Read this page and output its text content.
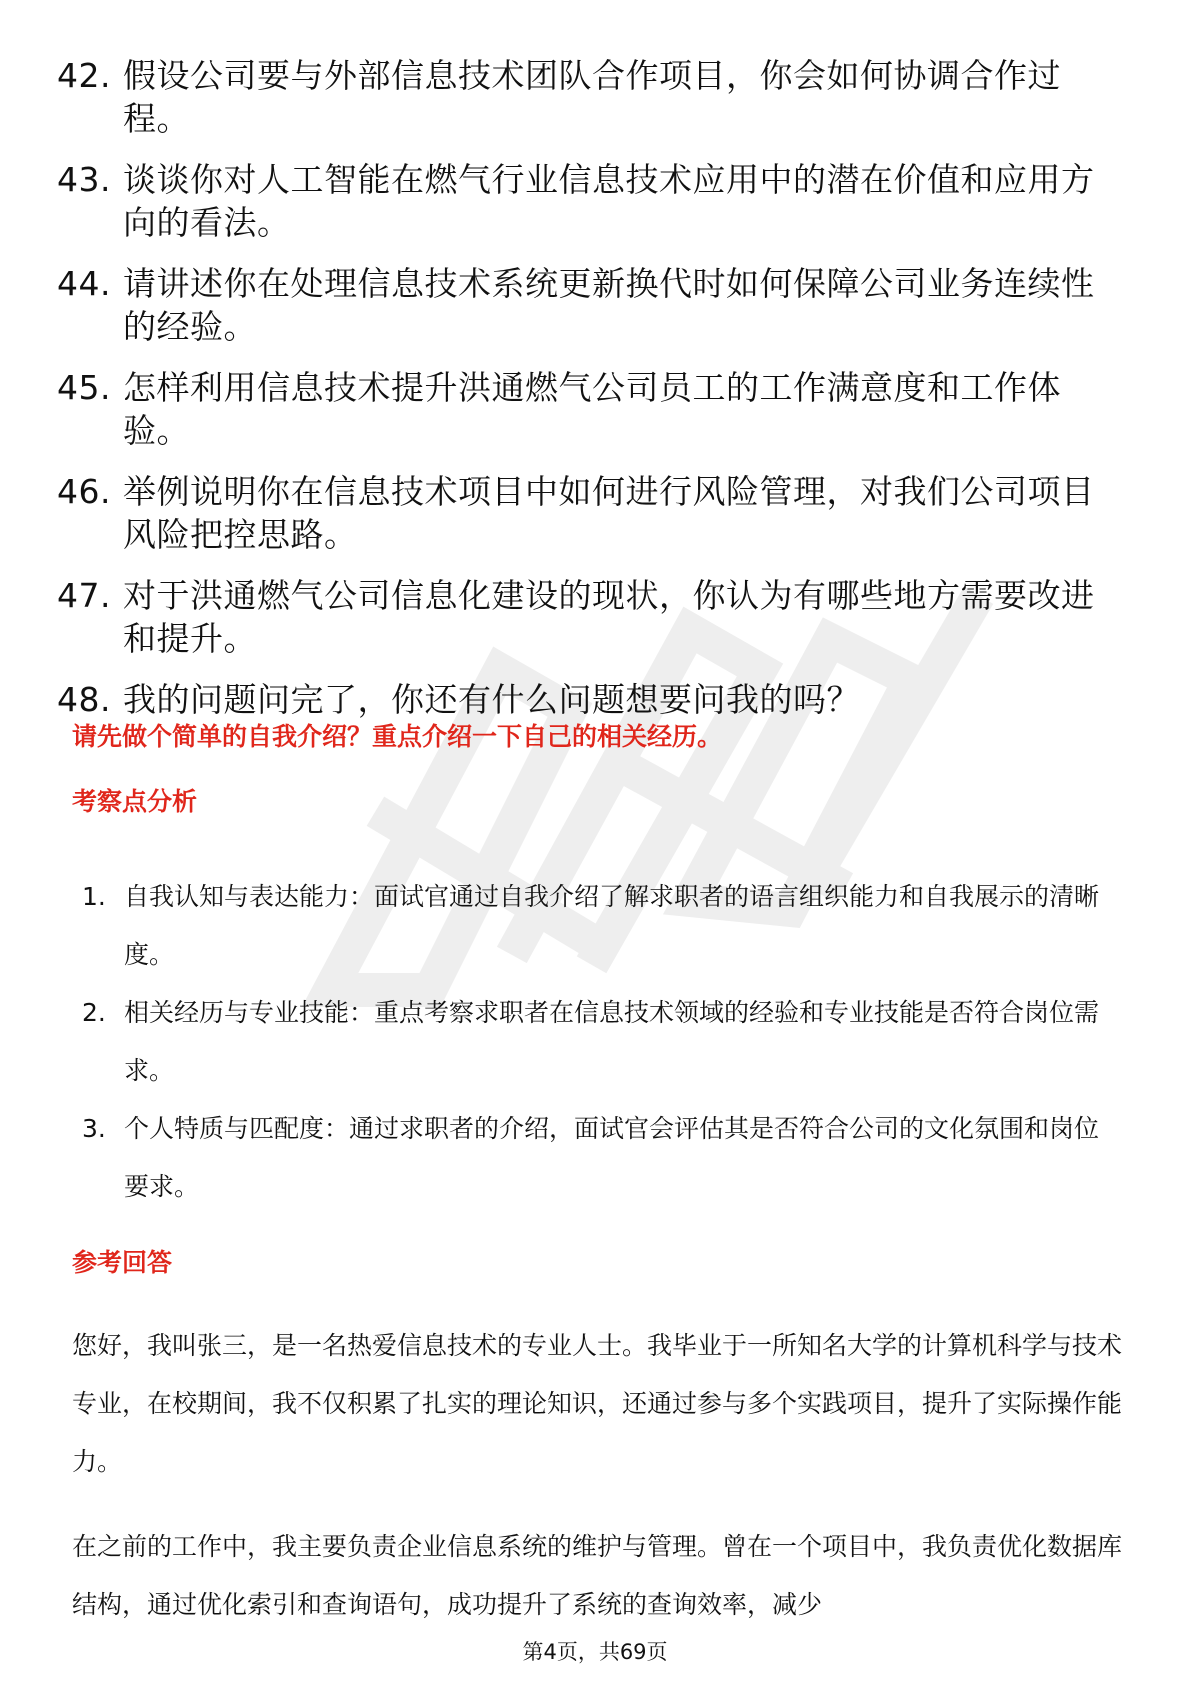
42. 假设公司要与外部信息技术团队合作项目，你会如何协调合作过程。
43. 谈谈你对人工智能在燃气行业信息技术应用中的潜在价值和应用方向的看法。
44. 请讲述你在处理信息技术系统更新换代时如何保障公司业务连续性的经验。
45. 怎样利用信息技术提升洪通燃气公司员工的工作满意度和工作体验。
46. 举例说明你在信息技术项目中如何进行风险管理，对我们公司项目风险把控思路。
47. 对于洪通燃气公司信息化建设的现状，你认为有哪些地方需要改进和提升。
48. 我的问题问完了，你还有什么问题想要问我的吗？
请先做个简单的自我介绍？重点介绍一下自己的相关经历。
考察点分析
1. 自我认知与表达能力：面试官通过自我介绍了解求职者的语言组织能力和自我展示的清晰度。
2. 相关经历与专业技能：重点考察求职者在信息技术领域的经验和专业技能是否符合岗位需求。
3. 个人特质与匹配度：通过求职者的介绍，面试官会评估其是否符合公司的文化氛围和岗位要求。
参考回答

您好，我叫张三，是一名热爱信息技术的专业人士。我毕业于一所知名大学的计算机科学与技术专业，在校期间，我不仅积累了扎实的理论知识，还通过参与多个实践项目，提升了实际操作能力。

在之前的工作中，我主要负责企业信息系统的维护与管理。曾在一个项目中，我负责优化数据库结构，通过优化索引和查询语句，成功提升了系统的查询效率，减少

第4页，共69页
